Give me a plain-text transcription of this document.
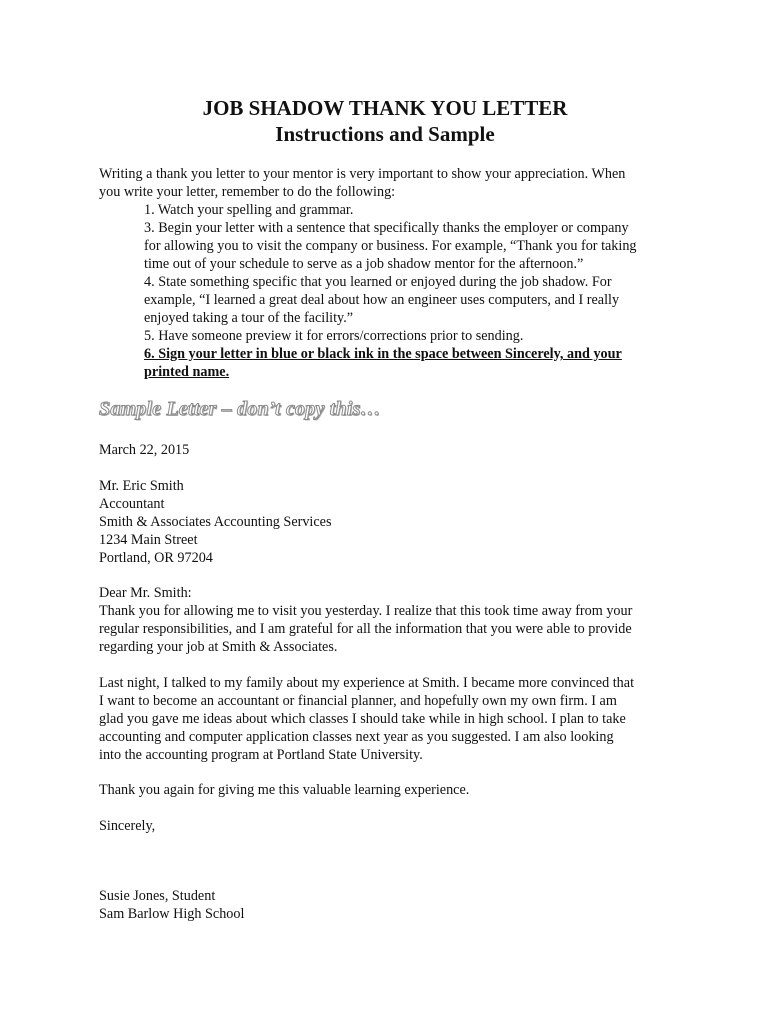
JOB SHADOW THANK YOU LETTER
Instructions and Sample
Writing a thank you letter to your mentor is very important to show your appreciation. When
you write your letter, remember to do the following:
1. Watch your spelling and grammar.
3. Begin your letter with a sentence that specifically thanks the employer or company
for allowing you to visit the company or business. For example, “Thank you for taking
time out of your schedule to serve as a job shadow mentor for the afternoon.”
4. State something specific that you learned or enjoyed during the job shadow. For
example, “I learned a great deal about how an engineer uses computers, and I really
enjoyed taking a tour of the facility.”
5. Have someone preview it for errors/corrections prior to sending.
6. Sign your letter in blue or black ink in the space between Sincerely, and your
printed name.
Sample Letter – don’t copy this…
March 22, 2015
Mr. Eric Smith
Accountant
Smith & Associates Accounting Services
1234 Main Street
Portland, OR 97204
Dear Mr. Smith:
Thank you for allowing me to visit you yesterday. I realize that this took time away from your
regular responsibilities, and I am grateful for all the information that you were able to provide
regarding your job at Smith & Associates.
Last night, I talked to my family about my experience at Smith. I became more convinced that
I want to become an accountant or financial planner, and hopefully own my own firm. I am
glad you gave me ideas about which classes I should take while in high school. I plan to take
accounting and computer application classes next year as you suggested. I am also looking
into the accounting program at Portland State University.
Thank you again for giving me this valuable learning experience.
Sincerely,
Susie Jones, Student
Sam Barlow High School
